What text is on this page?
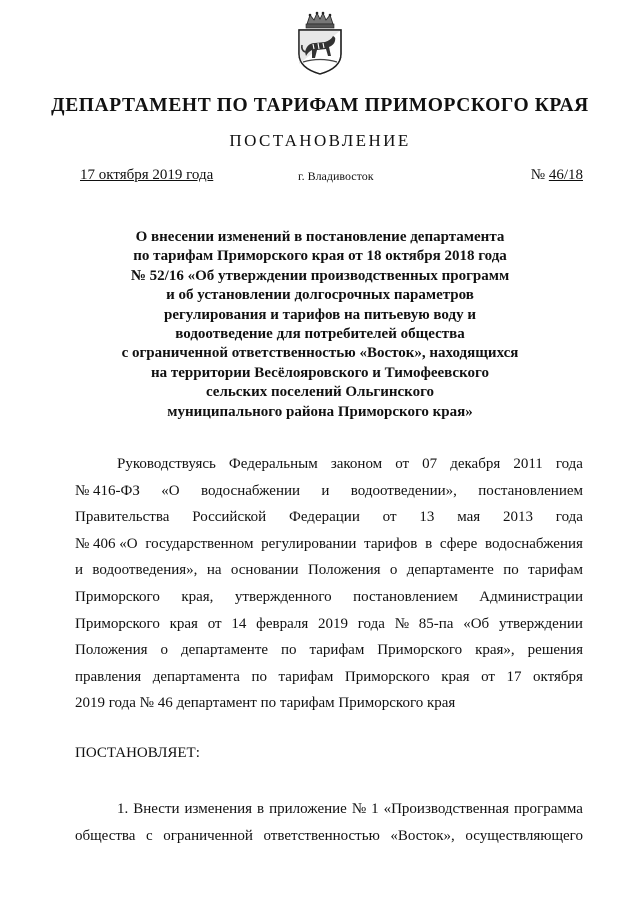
ДЕПАРТАМЕНТ ПО ТАРИФАМ ПРИМОРСКОГО КРАЯ
ПОСТАНОВЛЕНИЕ
17 октября 2019 года	г. Владивосток	№ 46/18
О внесении изменений в постановление департамента
по тарифам Приморского края от 18 октября 2018 года
№ 52/16 «Об утверждении производственных программ
и об установлении долгосрочных параметров
регулирования и тарифов на питьевую воду и
водоотведение для потребителей общества
с ограниченной ответственностью «Восток», находящихся
на территории Весёлояровского и Тимофеевского
сельских поселений Ольгинского
муниципального района Приморского края»
Руководствуясь Федеральным законом от 07 декабря 2011 года
№ 416-ФЗ «О водоснабжении и водоотведении», постановлением
Правительства Российской Федерации от 13 мая 2013 года
№ 406 «О государственном регулировании тарифов в сфере водоснабжения
и водоотведения», на основании Положения о департаменте по тарифам
Приморского края, утвержденного постановлением Администрации
Приморского края от 14 февраля 2019 года № 85-па «Об утверждении
Положения о департаменте по тарифам Приморского края», решения
правления департамента по тарифам Приморского края от 17 октября
2019 года № 46 департамент по тарифам Приморского края
ПОСТАНОВЛЯЕТ:
1. Внести изменения в приложение № 1 «Производственная программа
общества с ограниченной ответственностью «Восток», осуществляющего
